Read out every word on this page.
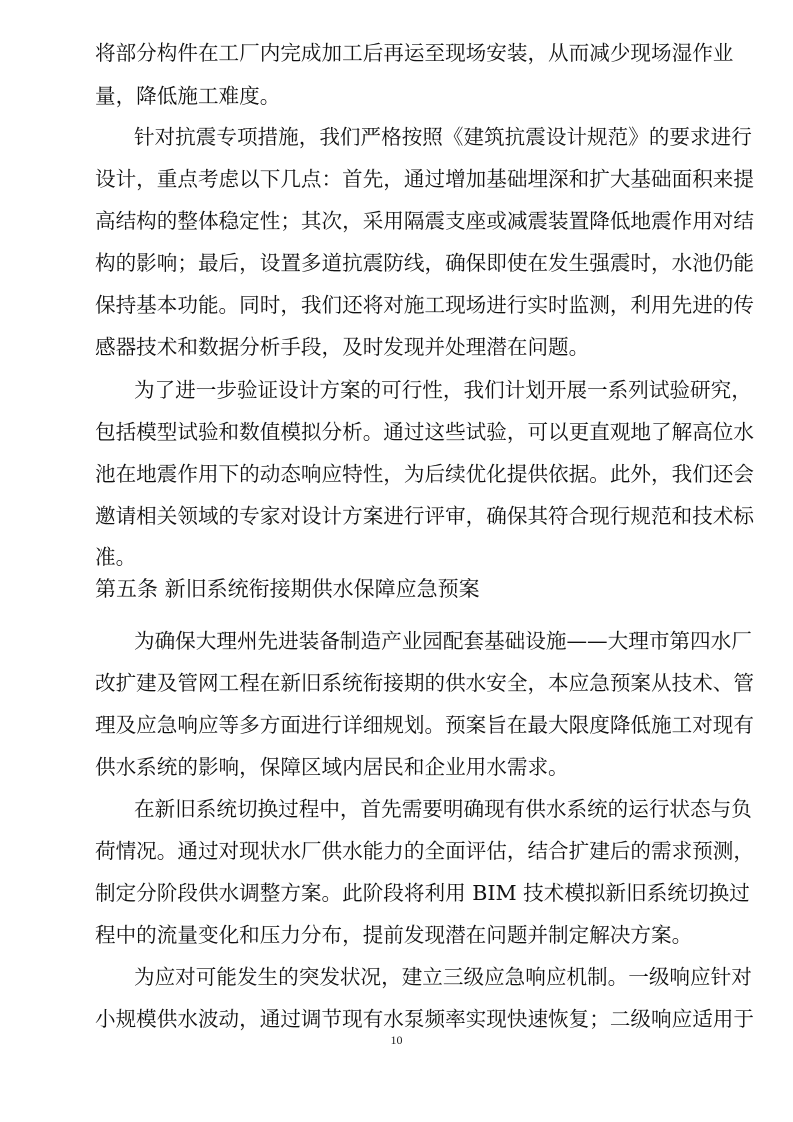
将部分构件在工厂内完成加工后再运至现场安装，从而减少现场湿作业
量，降低施工难度。
针对抗震专项措施，我们严格按照《建筑抗震设计规范》的要求进行
设计，重点考虑以下几点：首先，通过增加基础埋深和扩大基础面积来提
高结构的整体稳定性；其次，采用隔震支座或减震装置降低地震作用对结
构的影响；最后，设置多道抗震防线，确保即使在发生强震时，水池仍能
保持基本功能。同时，我们还将对施工现场进行实时监测，利用先进的传
感器技术和数据分析手段，及时发现并处理潜在问题。
为了进一步验证设计方案的可行性，我们计划开展一系列试验研究，
包括模型试验和数值模拟分析。通过这些试验，可以更直观地了解高位水
池在地震作用下的动态响应特性，为后续优化提供依据。此外，我们还会
邀请相关领域的专家对设计方案进行评审，确保其符合现行规范和技术标
准。
第五条 新旧系统衔接期供水保障应急预案
为确保大理州先进装备制造产业园配套基础设施——大理市第四水厂
改扩建及管网工程在新旧系统衔接期的供水安全，本应急预案从技术、管
理及应急响应等多方面进行详细规划。预案旨在最大限度降低施工对现有
供水系统的影响，保障区域内居民和企业用水需求。
在新旧系统切换过程中，首先需要明确现有供水系统的运行状态与负
荷情况。通过对现状水厂供水能力的全面评估，结合扩建后的需求预测，
制定分阶段供水调整方案。此阶段将利用 BIM 技术模拟新旧系统切换过
程中的流量变化和压力分布，提前发现潜在问题并制定解决方案。
为应对可能发生的突发状况，建立三级应急响应机制。一级响应针对
小规模供水波动，通过调节现有水泵频率实现快速恢复；二级响应适用于
10
